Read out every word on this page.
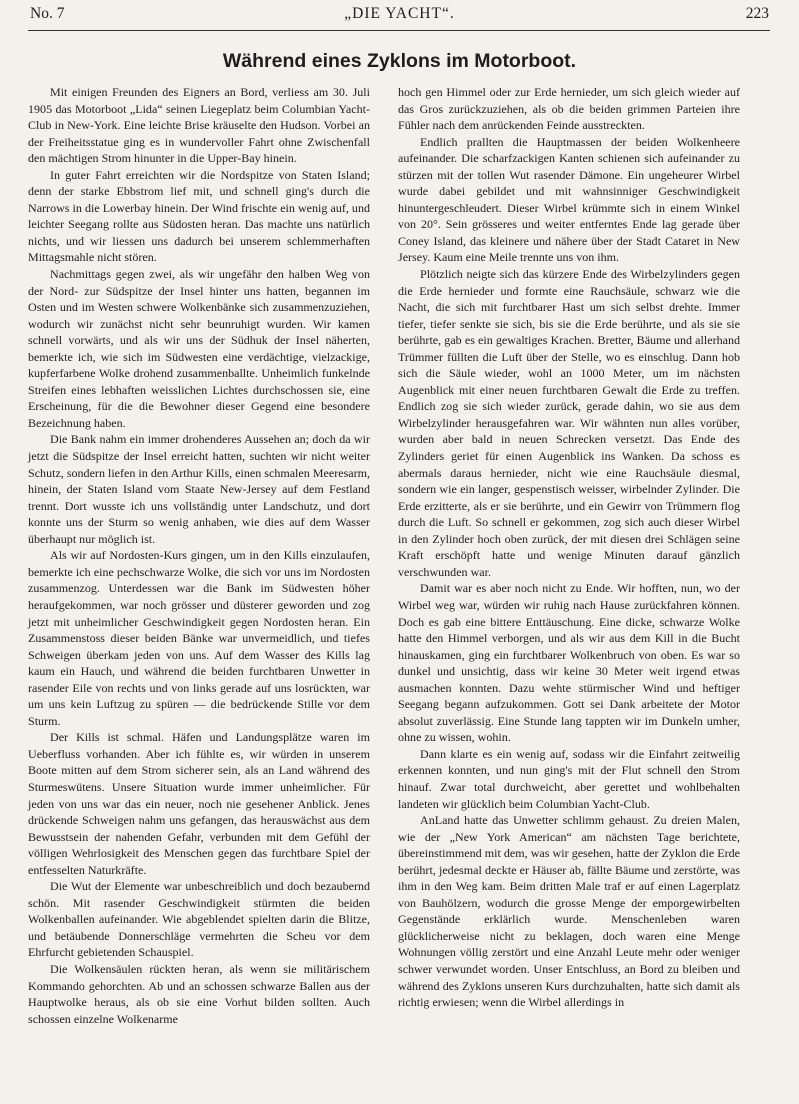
No. 7	„DIE YACHT“.	223
Während eines Zyklons im Motorboot.

Mit einigen Freunden des Eigners an Bord, verliess am 30. Juli 1905 das Motorboot „Lida“ seinen Liegeplatz beim Columbian Yacht-Club in New-York. Eine leichte Brise kräuselte den Hudson. Vorbei an der Freiheitsstatue ging es in wundervoller Fahrt ohne Zwischenfall den mächtigen Strom hinunter in die Upper-Bay hinein.

In guter Fahrt erreichten wir die Nordspitze von Staten Island; denn der starke Ebbstrom lief mit, und schnell ging's durch die Narrows in die Lowerbay hinein. Der Wind frischte ein wenig auf, und leichter Seegang rollte aus Südosten heran. Das machte uns natürlich nichts, und wir liessen uns dadurch bei unserem schlemmerhaften Mittagsmahle nicht stören.

Nachmittags gegen zwei, als wir ungefähr den halben Weg von der Nord- zur Südspitze der Insel hinter uns hatten, begannen im Osten und im Westen schwere Wolkenbänke sich zusammenzuziehen, wodurch wir zunächst nicht sehr beunruhigt wurden. Wir kamen schnell vorwärts, und als wir uns der Südhuk der Insel näherten, bemerkte ich, wie sich im Südwesten eine verdächtige, vielzackige, kupferfarbene Wolke drohend zusammenballte. Unheimlich funkelnde Streifen eines lebhaften weisslichen Lichtes durchschossen sie, eine Erscheinung, für die die Bewohner dieser Gegend eine besondere Bezeichnung haben.

Die Bank nahm ein immer drohenderes Aussehen an; doch da wir jetzt die Südspitze der Insel erreicht hatten, suchten wir nicht weiter Schutz, sondern liefen in den Arthur Kills, einen schmalen Meeresarm, hinein, der Staten Island vom Staate New-Jersey auf dem Festland trennt. Dort wusste ich uns vollständig unter Landschutz, und dort konnte uns der Sturm so wenig anhaben, wie dies auf dem Wasser überhaupt nur möglich ist.

Als wir auf Nordosten-Kurs gingen, um in den Kills einzulaufen, bemerkte ich eine pechschwarze Wolke, die sich vor uns im Nordosten zusammenzog. Unterdessen war die Bank im Südwesten höher heraufgekommen, war noch grösser und düsterer geworden und zog jetzt mit unheimlicher Geschwindigkeit gegen Nordosten heran. Ein Zusammenstoss dieser beiden Bänke war unvermeidlich, und tiefes Schweigen überkam jeden von uns. Auf dem Wasser des Kills lag kaum ein Hauch, und während die beiden furchtbaren Unwetter in rasender Eile von rechts und von links gerade auf uns losrückten, war um uns kein Luftzug zu spüren — die bedrückende Stille vor dem Sturm.

Der Kills ist schmal. Häfen und Landungsplätze waren im Ueberfluss vorhanden. Aber ich fühlte es, wir würden in unserem Boote mitten auf dem Strom sicherer sein, als an Land während des Sturmeswütens. Unsere Situation wurde immer unheimlicher. Für jeden von uns war das ein neuer, noch nie gesehener Anblick. Jenes drückende Schweigen nahm uns gefangen, das herauswächst aus dem Bewusstsein der nahenden Gefahr, verbunden mit dem Gefühl der völligen Wehrlosigkeit des Menschen gegen das furchtbare Spiel der entfesselten Naturkräfte.

Die Wut der Elemente war unbeschreiblich und doch bezaubernd schön. Mit rasender Geschwindigkeit stürmten die beiden Wolkenballen aufeinander. Wie abgeblendet spielten darin die Blitze, und betäubende Donnerschläge vermehrten die Scheu vor dem Ehrfurcht gebietenden Schauspiel.

Die Wolkensäulen rückten heran, als wenn sie militärischem Kommando gehorchten. Ab und an schossen schwarze Ballen aus der Hauptwolke heraus, als ob sie eine Vorhut bilden sollten. Auch schossen einzelne Wolkenarme

hoch gen Himmel oder zur Erde hernieder, um sich gleich wieder auf das Gros zurückzuziehen, als ob die beiden grimmen Parteien ihre Fühler nach dem anrückenden Feinde ausstreckten.

Endlich prallten die Hauptmassen der beiden Wolkenheere aufeinander. Die scharfzackigen Kanten schienen sich aufeinander zu stürzen mit der tollen Wut rasender Dämone. Ein ungeheurer Wirbel wurde dabei gebildet und mit wahnsinniger Geschwindigkeit hinuntergeschleudert. Dieser Wirbel krümmte sich in einem Winkel von 20°. Sein grösseres und weiter entferntes Ende lag gerade über Coney Island, das kleinere und nähere über der Stadt Cataret in New Jersey. Kaum eine Meile trennte uns von ihm.

Plötzlich neigte sich das kürzere Ende des Wirbelzylinders gegen die Erde hernieder und formte eine Rauchsäule, schwarz wie die Nacht, die sich mit furchtbarer Hast um sich selbst drehte. Immer tiefer, tiefer senkte sie sich, bis sie die Erde berührte, und als sie sie berührte, gab es ein gewaltiges Krachen. Bretter, Bäume und allerhand Trümmer füllten die Luft über der Stelle, wo es einschlug. Dann hob sich die Säule wieder, wohl an 1000 Meter, um im nächsten Augenblick mit einer neuen furchtbaren Gewalt die Erde zu treffen. Endlich zog sie sich wieder zurück, gerade dahin, wo sie aus dem Wirbelzylinder herausgefahren war. Wir wähnten nun alles vorüber, wurden aber bald in neuen Schrecken versetzt. Das Ende des Zylinders geriet für einen Augenblick ins Wanken. Da schoss es abermals daraus hernieder, nicht wie eine Rauchsäule diesmal, sondern wie ein langer, gespenstisch weisser, wirbelnder Zylinder. Die Erde erzitterte, als er sie berührte, und ein Gewirr von Trümmern flog durch die Luft. So schnell er gekommen, zog sich auch dieser Wirbel in den Zylinder hoch oben zurück, der mit diesen drei Schlägen seine Kraft erschöpft hatte und wenige Minuten darauf gänzlich verschwunden war.

Damit war es aber noch nicht zu Ende. Wir hofften, nun, wo der Wirbel weg war, würden wir ruhig nach Hause zurückfahren können. Doch es gab eine bittere Enttäuschung. Eine dicke, schwarze Wolke hatte den Himmel verborgen, und als wir aus dem Kill in die Bucht hinauskamen, ging ein furchtbarer Wolkenbruch von oben. Es war so dunkel und unsichtig, dass wir keine 30 Meter weit irgend etwas ausmachen konnten. Dazu wehte stürmischer Wind und heftiger Seegang begann aufzukommen. Gott sei Dank arbeitete der Motor absolut zuverlässig. Eine Stunde lang tappten wir im Dunkeln umher, ohne zu wissen, wohin.

Dann klarte es ein wenig auf, sodass wir die Einfahrt zeitweilig erkennen konnten, und nun ging's mit der Flut schnell den Strom hinauf. Zwar total durchweicht, aber gerettet und wohlbehalten landeten wir glücklich beim Columbian Yacht-Club.

AnLand hatte das Unwetter schlimm gehaust. Zu dreien Malen, wie der „New York American“ am nächsten Tage berichtete, übereinstimmend mit dem, was wir gesehen, hatte der Zyklon die Erde berührt, jedesmal deckte er Häuser ab, fällte Bäume und zerstörte, was ihm in den Weg kam. Beim dritten Male traf er auf einen Lagerplatz von Bauhölzern, wodurch die grosse Menge der emporgewirbelten Gegenstände erklärlich wurde. Menschenleben waren glücklicherweise nicht zu beklagen, doch waren eine Menge Wohnungen völlig zerstört und eine Anzahl Leute mehr oder weniger schwer verwundet worden. Unser Entschluss, an Bord zu bleiben und während des Zyklons unseren Kurs durchzuhalten, hatte sich damit als richtig erwiesen; wenn die Wirbel allerdings in
